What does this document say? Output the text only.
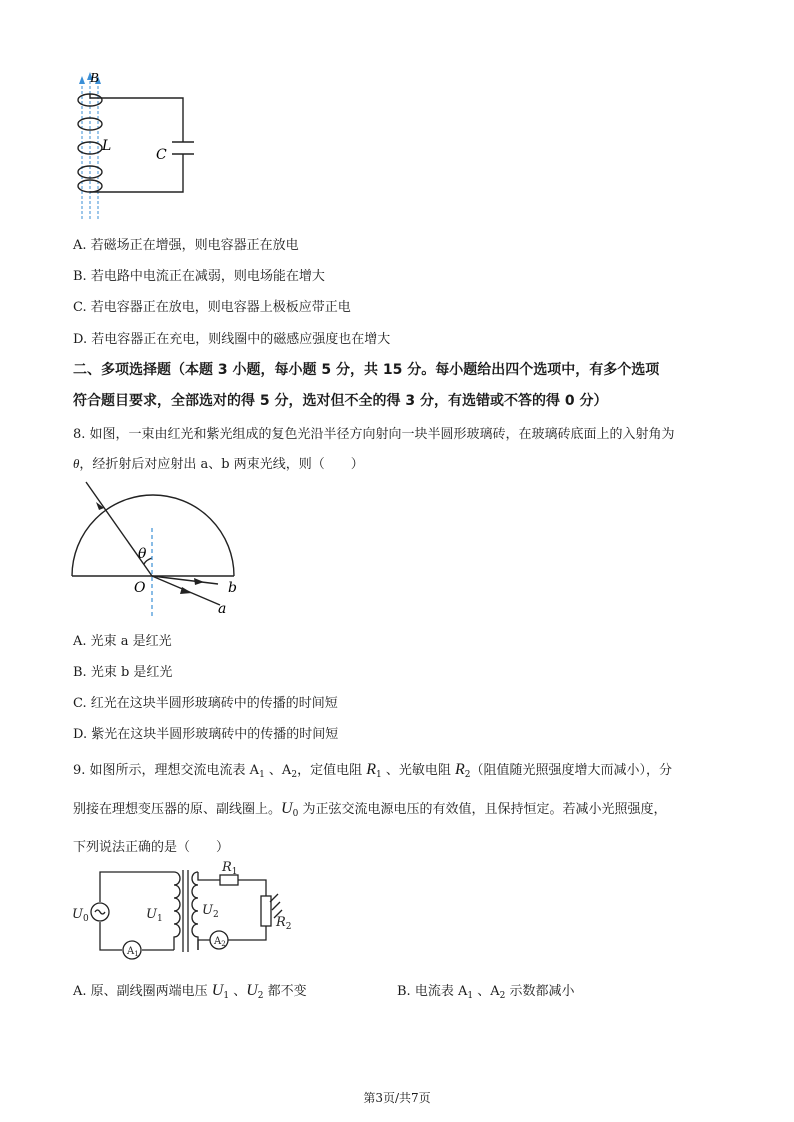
B
L
C
A. 若磁场正在增强，则电容器正在放电
B. 若电路中电流正在减弱，则电场能在增大
C. 若电容器正在放电，则电容器上极板应带正电
D. 若电容器正在充电，则线圈中的磁感应强度也在增大
二、多项选择题（本题 3 小题，每小题 5 分，共 15 分。每小题给出四个选项中，有多个选项
符合题目要求，全部选对的得 5 分，选对但不全的得 3 分，有选错或不答的得 0 分）
8. 如图，一束由红光和紫光组成的复色光沿半径方向射向一块半圆形玻璃砖，在玻璃砖底面上的入射角为
θ，经折射后对应射出 a、b 两束光线，则（　　）
θ
O	b
a
A. 光束 a 是红光
B. 光束 b 是红光
C. 红光在这块半圆形玻璃砖中的传播的时间短
D. 紫光在这块半圆形玻璃砖中的传播的时间短
9. 如图所示，理想交流电流表 $A_1$ 、$A_2$，定值电阻 $R_1$ 、光敏电阻 $R_2$（阻值随光照强度增大而减小），分
别接在理想变压器的原、副线圈上。$U_0$ 为正弦交流电源电压的有效值，且保持恒定。若减小光照强度，
下列说法正确的是（　　）
$U_0$	$U_1$
$U_2$
$R_1$
$R_2$
$A_1$
$A_2$
A. 原、副线圈两端电压 $U_1$ 、$U_2$ 都不变	B. 电流表 $A_1$ 、$A_2$ 示数都减小
第3页/共7页
